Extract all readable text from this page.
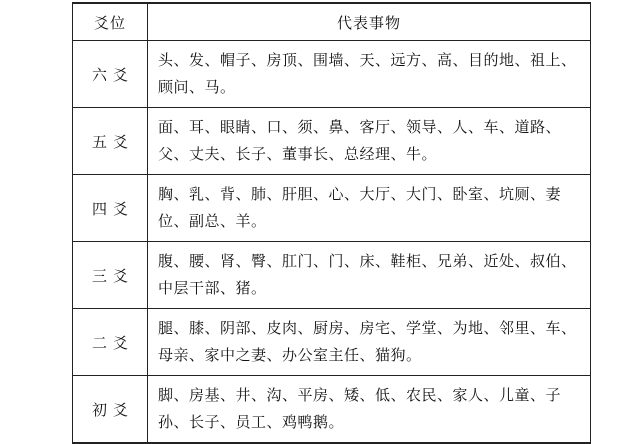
爻位	代表事物
六爻	头、发、帽子、房顶、围墙、天、远方、高、目的地、祖上、顾问、马。
五爻	面、耳、眼睛、口、须、鼻、客厅、领导、人、车、道路、父、丈夫、长子、董事长、总经理、牛。
四爻	胸、乳、背、肺、肝胆、心、大厅、大门、卧室、坑厕、妻位、副总、羊。
三爻	腹、腰、肾、臀、肛门、门、床、鞋柜、兄弟、近处、叔伯、中层干部、猪。
二爻	腿、膝、阴部、皮肉、厨房、房宅、学堂、为地、邻里、车、母亲、家中之妻、办公室主任、猫狗。
初爻	脚、房基、井、沟、平房、矮、低、农民、家人、儿童、子孙、长子、员工、鸡鸭鹅。
